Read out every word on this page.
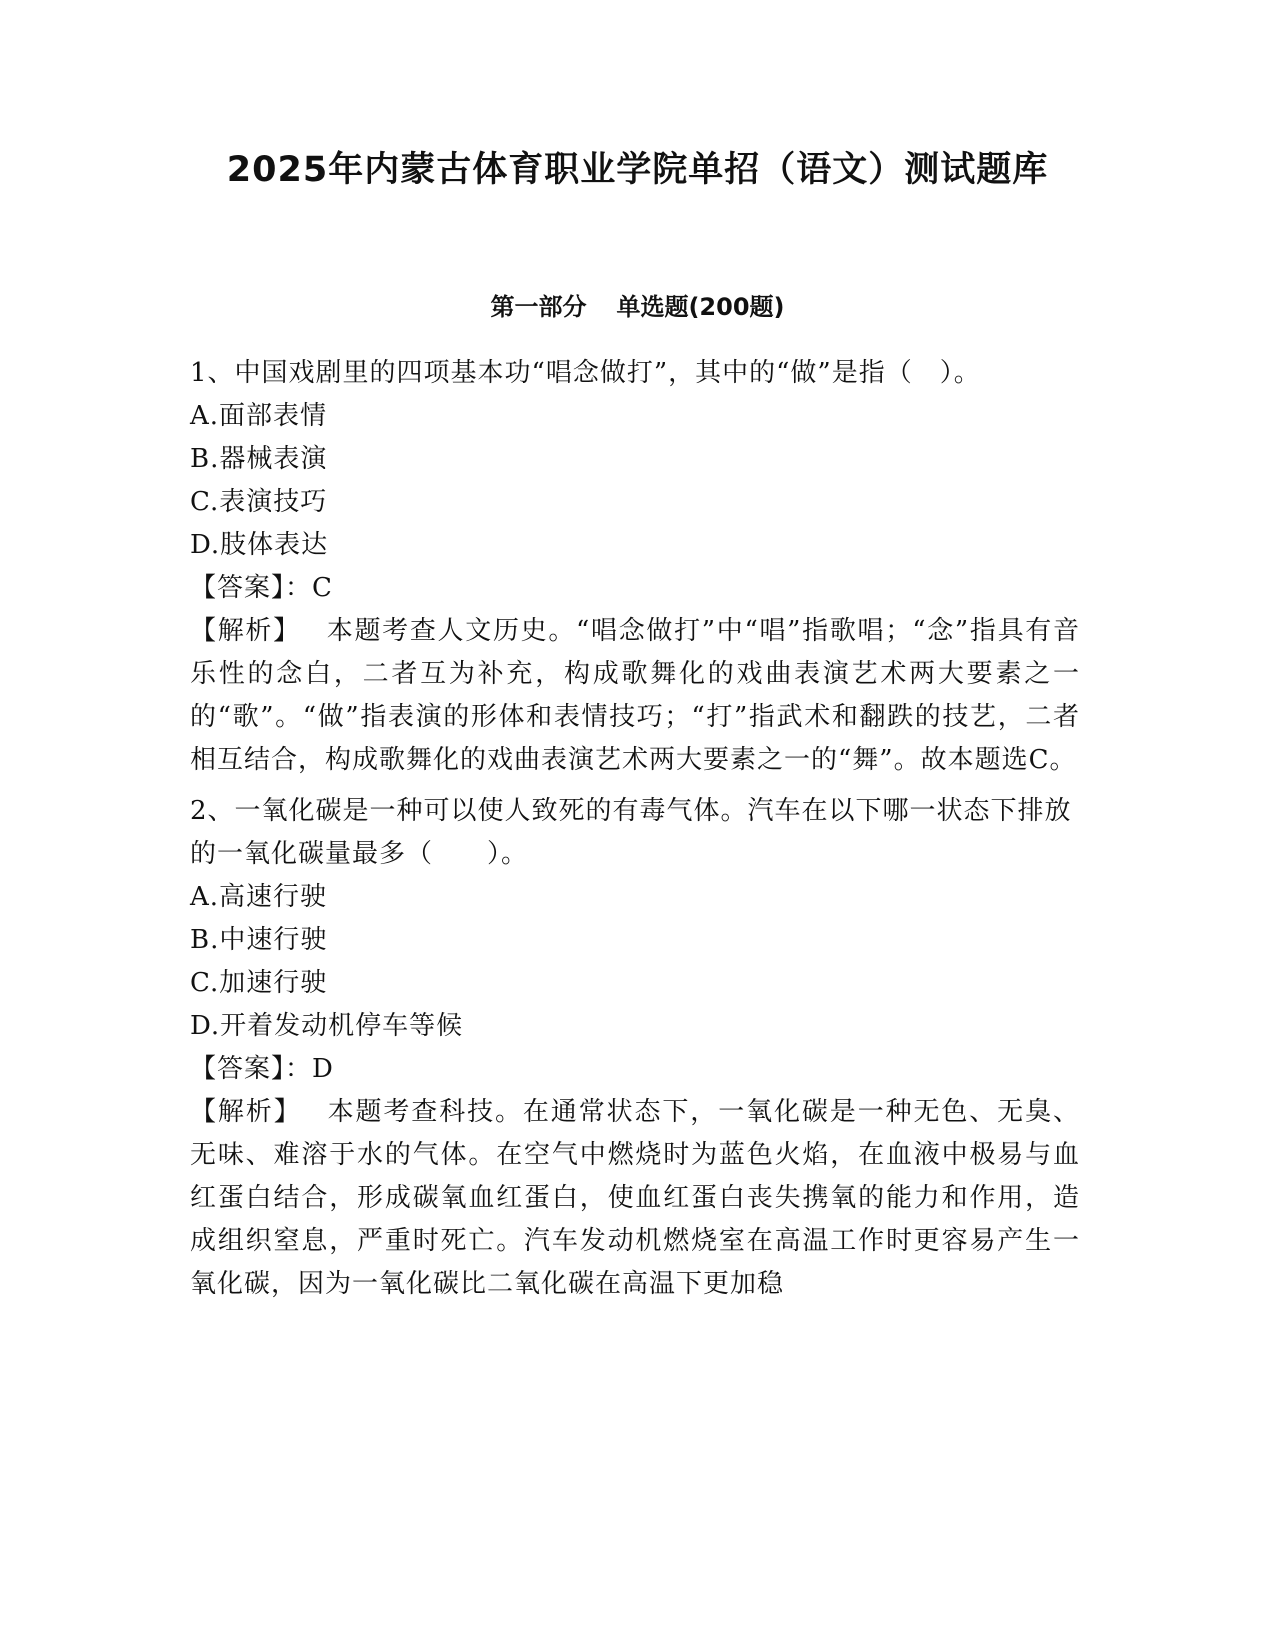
2025年内蒙古体育职业学院单招（语文）测试题库
第一部分 单选题(200题)

1、中国戏剧里的四项基本功“唱念做打”，其中的“做”是指（　）。

A.面部表情

B.器械表演

C.表演技巧

D.肢体表达

【答案】：C

【解析】 本题考查人文历史。“唱念做打”中“唱”指歌唱；“念”指具有音乐性的念白，二者互为补充，构成歌舞化的戏曲表演艺术两大要素之一的“歌”。“做”指表演的形体和表情技巧；“打”指武术和翻跌的技艺，二者相互结合，构成歌舞化的戏曲表演艺术两大要素之一的“舞”。故本题选C。

2、一氧化碳是一种可以使人致死的有毒气体。汽车在以下哪一状态下排放的一氧化碳量最多（　　）。

A.高速行驶

B.中速行驶

C.加速行驶

D.开着发动机停车等候

【答案】：D

【解析】 本题考查科技。在通常状态下，一氧化碳是一种无色、无臭、无味、难溶于水的气体。在空气中燃烧时为蓝色火焰，在血液中极易与血红蛋白结合，形成碳氧血红蛋白，使血红蛋白丧失携氧的能力和作用，造成组织窒息，严重时死亡。汽车发动机燃烧室在高温工作时更容易产生一氧化碳，因为一氧化碳比二氧化碳在高温下更加稳
